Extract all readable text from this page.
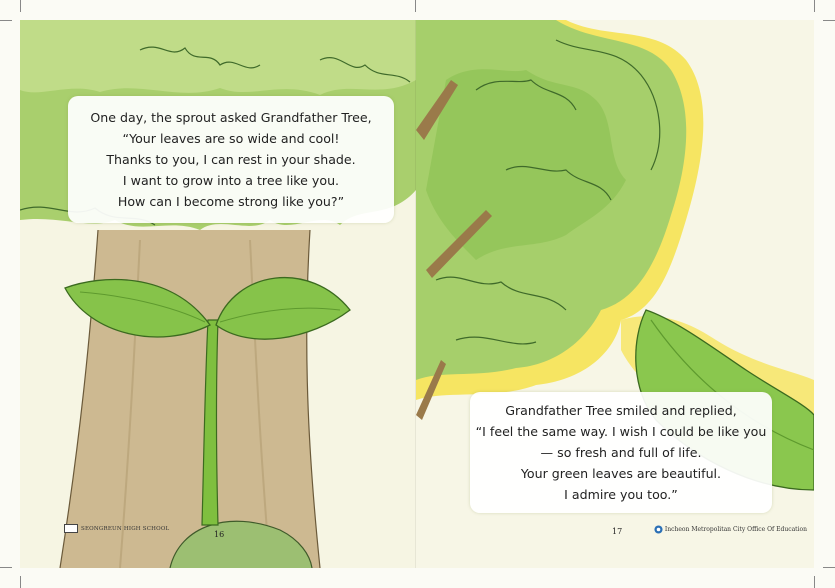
One day, the sprout asked Grandfather Tree,
“Your leaves are so wide and cool!
Thanks to you, I can rest in your shade.
I want to grow into a tree like you.
How can I become strong like you?”
SEONGREUN HIGH SCHOOL
16
Grandfather Tree smiled and replied,
“I feel the same way. I wish I could be like you
— so fresh and full of life.
Your green leaves are beautiful.
I admire you too.”
17	Incheon Metropolitan City Office Of Education
